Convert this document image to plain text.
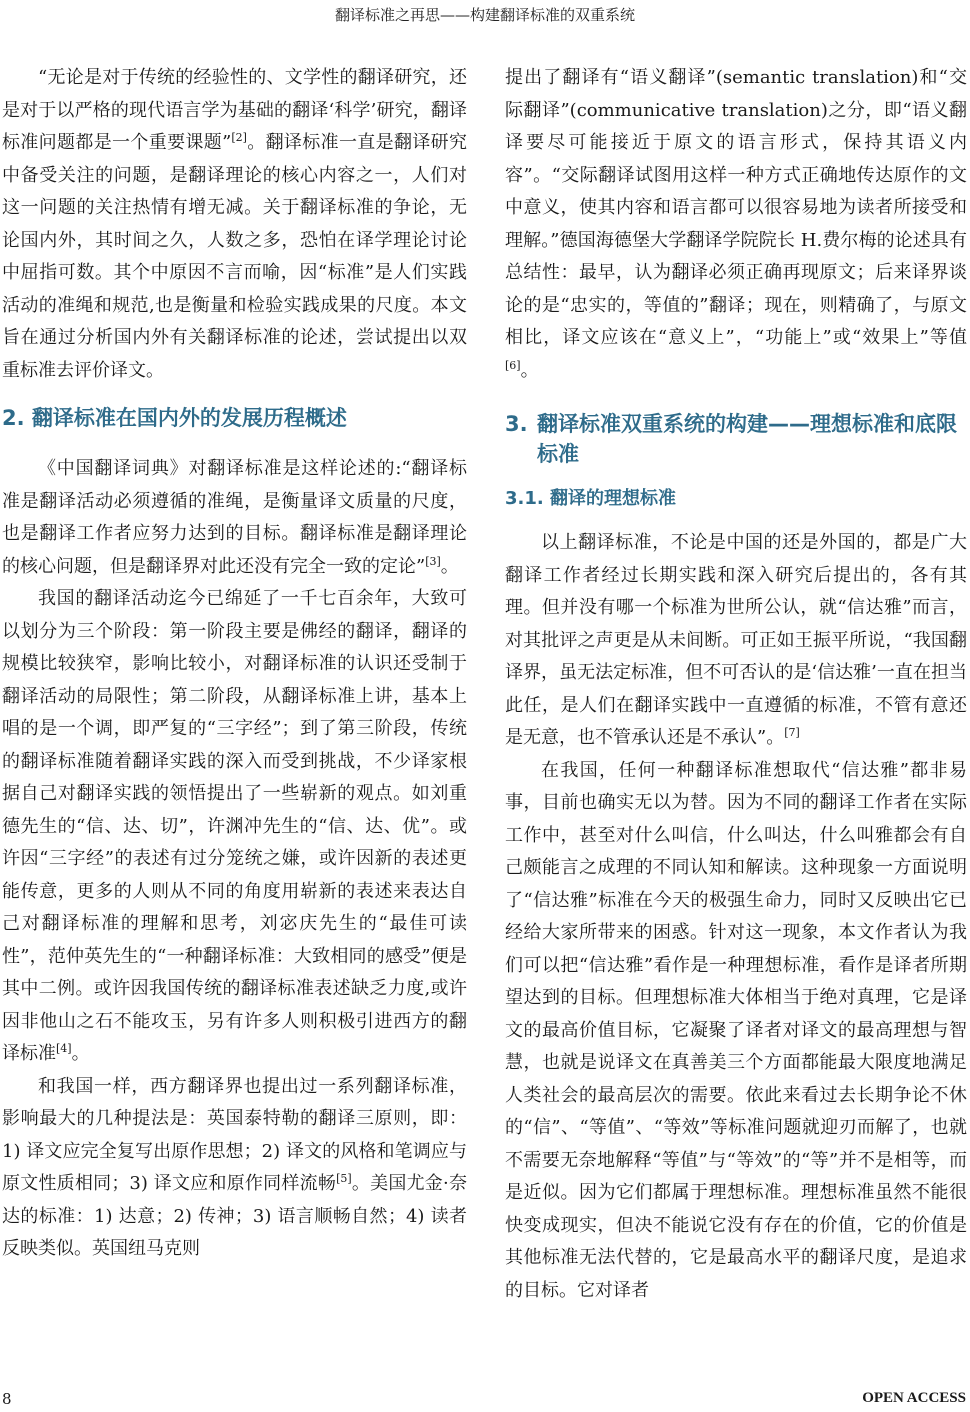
翻译标准之再思——构建翻译标准的双重系统

“无论是对于传统的经验性的、文学性的翻译研究，还是对于以严格的现代语言学为基础的翻译‘科学’研究，翻译标准问题都是一个重要课题”[2]。翻译标准一直是翻译研究中备受关注的问题，是翻译理论的核心内容之一，人们对这一问题的关注热情有增无减。关于翻译标准的争论，无论国内外，其时间之久，人数之多，恐怕在译学理论讨论中屈指可数。其个中原因不言而喻，因“标准”是人们实践活动的准绳和规范,也是衡量和检验实践成果的尺度。本文旨在通过分析国内外有关翻译标准的论述，尝试提出以双重标准去评价译文。

2. 翻译标准在国内外的发展历程概述

《中国翻译词典》对翻译标准是这样论述的:“翻译标准是翻译活动必须遵循的准绳，是衡量译文质量的尺度，也是翻译工作者应努力达到的目标。翻译标准是翻译理论的核心问题，但是翻译界对此还没有完全一致的定论”[3]。

我国的翻译活动迄今已绵延了一千七百余年，大致可以划分为三个阶段：第一阶段主要是佛经的翻译，翻译的规模比较狭窄，影响比较小，对翻译标准的认识还受制于翻译活动的局限性；第二阶段，从翻译标准上讲，基本上唱的是一个调，即严复的“三字经”；到了第三阶段，传统的翻译标准随着翻译实践的深入而受到挑战，不少译家根据自己对翻译实践的领悟提出了一些崭新的观点。如刘重德先生的“信、达、切”，许渊冲先生的“信、达、优”。或许因“三字经”的表述有过分笼统之嫌，或许因新的表述更能传意，更多的人则从不同的角度用崭新的表述来表达自己对翻译标准的理解和思考，刘宓庆先生的“最佳可读性”，范仲英先生的“一种翻译标准：大致相同的感受”便是其中二例。或许因我国传统的翻译标准表述缺乏力度,或许因非他山之石不能攻玉，另有许多人则积极引进西方的翻译标准[4]。

和我国一样，西方翻译界也提出过一系列翻译标准，影响最大的几种提法是：英国泰特勒的翻译三原则，即：1) 译文应完全复写出原作思想；2) 译文的风格和笔调应与原文性质相同；3) 译文应和原作同样流畅[5]。美国尤金·奈达的标准：1) 达意；2) 传神；3) 语言顺畅自然；4) 读者反映类似。英国纽马克则

提出了翻译有“语义翻译”(semantic translation)和“交际翻译”(communicative translation)之分，即“语义翻译要尽可能接近于原文的语言形式，保持其语义内容”。“交际翻译试图用这样一种方式正确地传达原作的文中意义，使其内容和语言都可以很容易地为读者所接受和理解。”德国海德堡大学翻译学院院长 H.费尔梅的论述具有总结性：最早，认为翻译必须正确再现原文；后来译界谈论的是“忠实的，等值的”翻译；现在，则精确了，与原文相比，译文应该在“意义上”，“功能上”或“效果上”等值[6]。

3. 翻译标准双重系统的构建——理想标准和底限标准
3.1. 翻译的理想标准

以上翻译标准，不论是中国的还是外国的，都是广大翻译工作者经过长期实践和深入研究后提出的，各有其理。但并没有哪一个标准为世所公认，就“信达雅”而言，对其批评之声更是从未间断。可正如王振平所说，“我国翻译界，虽无法定标准，但不可否认的是‘信达雅’一直在担当此任，是人们在翻译实践中一直遵循的标准，不管有意还是无意，也不管承认还是不承认”。[7]

在我国，任何一种翻译标准想取代“信达雅”都非易事，目前也确实无以为替。因为不同的翻译工作者在实际工作中，甚至对什么叫信，什么叫达，什么叫雅都会有自己颇能言之成理的不同认知和解读。这种现象一方面说明了“信达雅”标准在今天的极强生命力，同时又反映出它已经给大家所带来的困惑。针对这一现象，本文作者认为我们可以把“信达雅”看作是一种理想标准，看作是译者所期望达到的目标。但理想标准大体相当于绝对真理，它是译文的最高价值目标，它凝聚了译者对译文的最高理想与智慧，也就是说译文在真善美三个方面都能最大限度地满足人类社会的最高层次的需要。依此来看过去长期争论不休的“信”、“等值”、“等效”等标准问题就迎刃而解了，也就不需要无奈地解释“等值”与“等效”的“等”并不是相等，而是近似。因为它们都属于理想标准。理想标准虽然不能很快变成现实，但决不能说它没有存在的价值，它的价值是其他标准无法代替的，它是最高水平的翻译尺度，是追求的目标。它对译者

8	OPEN ACCESS
